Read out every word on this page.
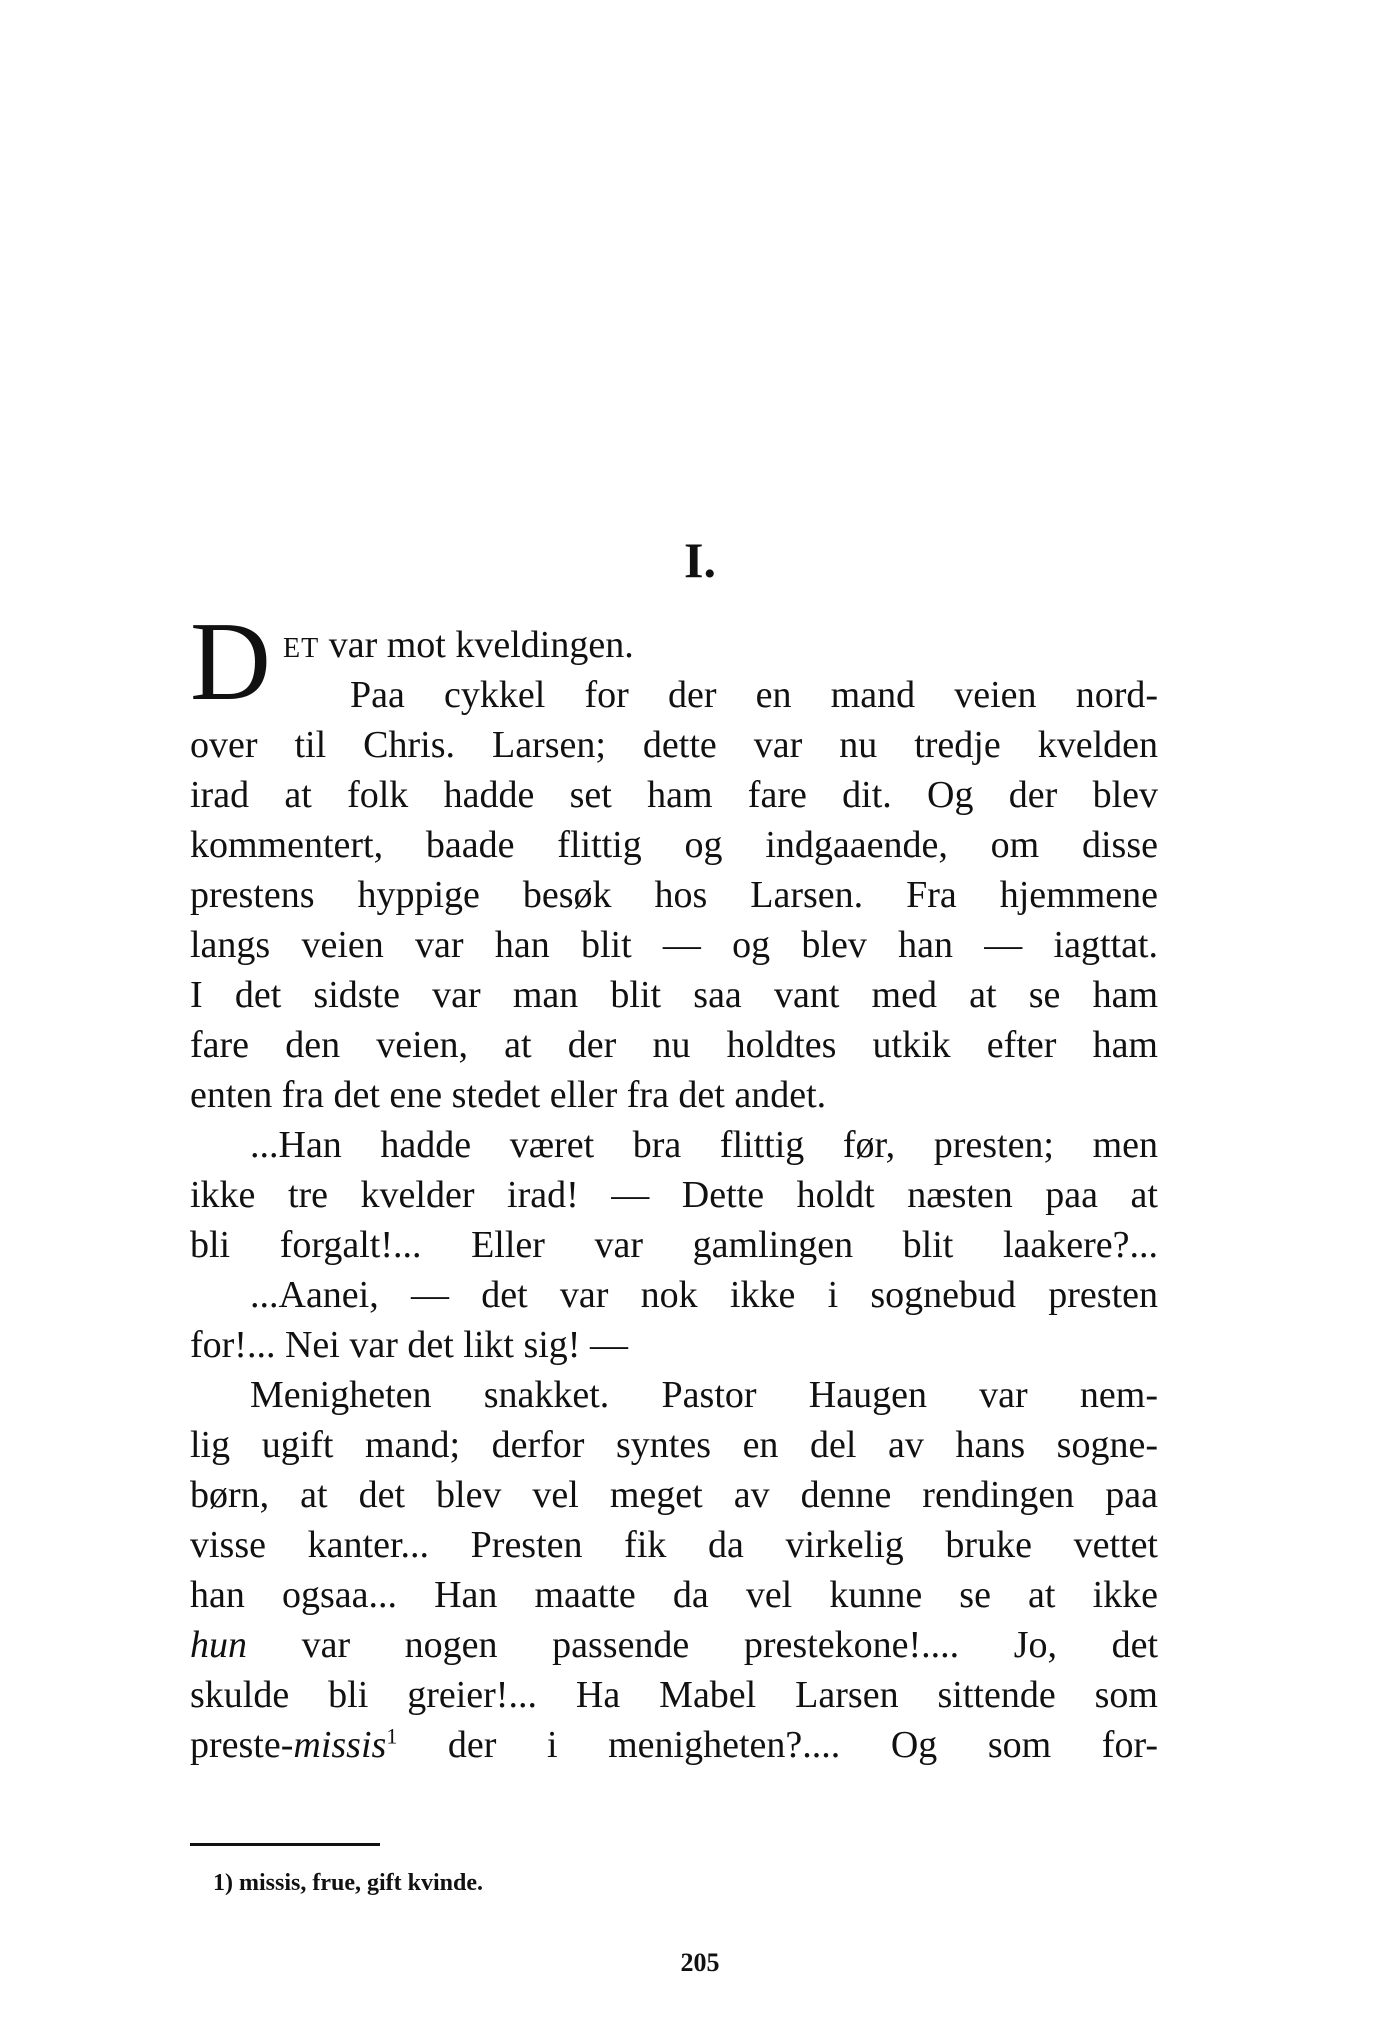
I.
D ET var mot kveldingen.
Paa cykkel for der en mand veien nord-
over til Chris. Larsen; dette var nu tredje kvelden
irad at folk hadde set ham fare dit. Og der blev
kommentert, baade flittig og indgaaende, om disse
prestens hyppige besøk hos Larsen. Fra hjemmene
langs veien var han blit — og blev han — iagttat.
I det sidste var man blit saa vant med at se ham
fare den veien, at der nu holdtes utkik efter ham
enten fra det ene stedet eller fra det andet.
...Han hadde været bra flittig før, presten; men
ikke tre kvelder irad! — Dette holdt næsten paa at
bli forgalt!... Eller var gamlingen blit laakere?...
...Aanei, — det var nok ikke i sognebud presten
for!... Nei var det likt sig! —
Menigheten snakket. Pastor Haugen var nem-
lig ugift mand; derfor syntes en del av hans sogne-
børn, at det blev vel meget av denne rendingen paa
visse kanter... Presten fik da virkelig bruke vettet
han ogsaa... Han maatte da vel kunne se at ikke
hun var nogen passende prestekone!.... Jo, det
skulde bli greier!... Ha Mabel Larsen sittende som
preste-missis$^1$ der i menigheten?.... Og som for-
1) missis, frue, gift kvinde.
205
